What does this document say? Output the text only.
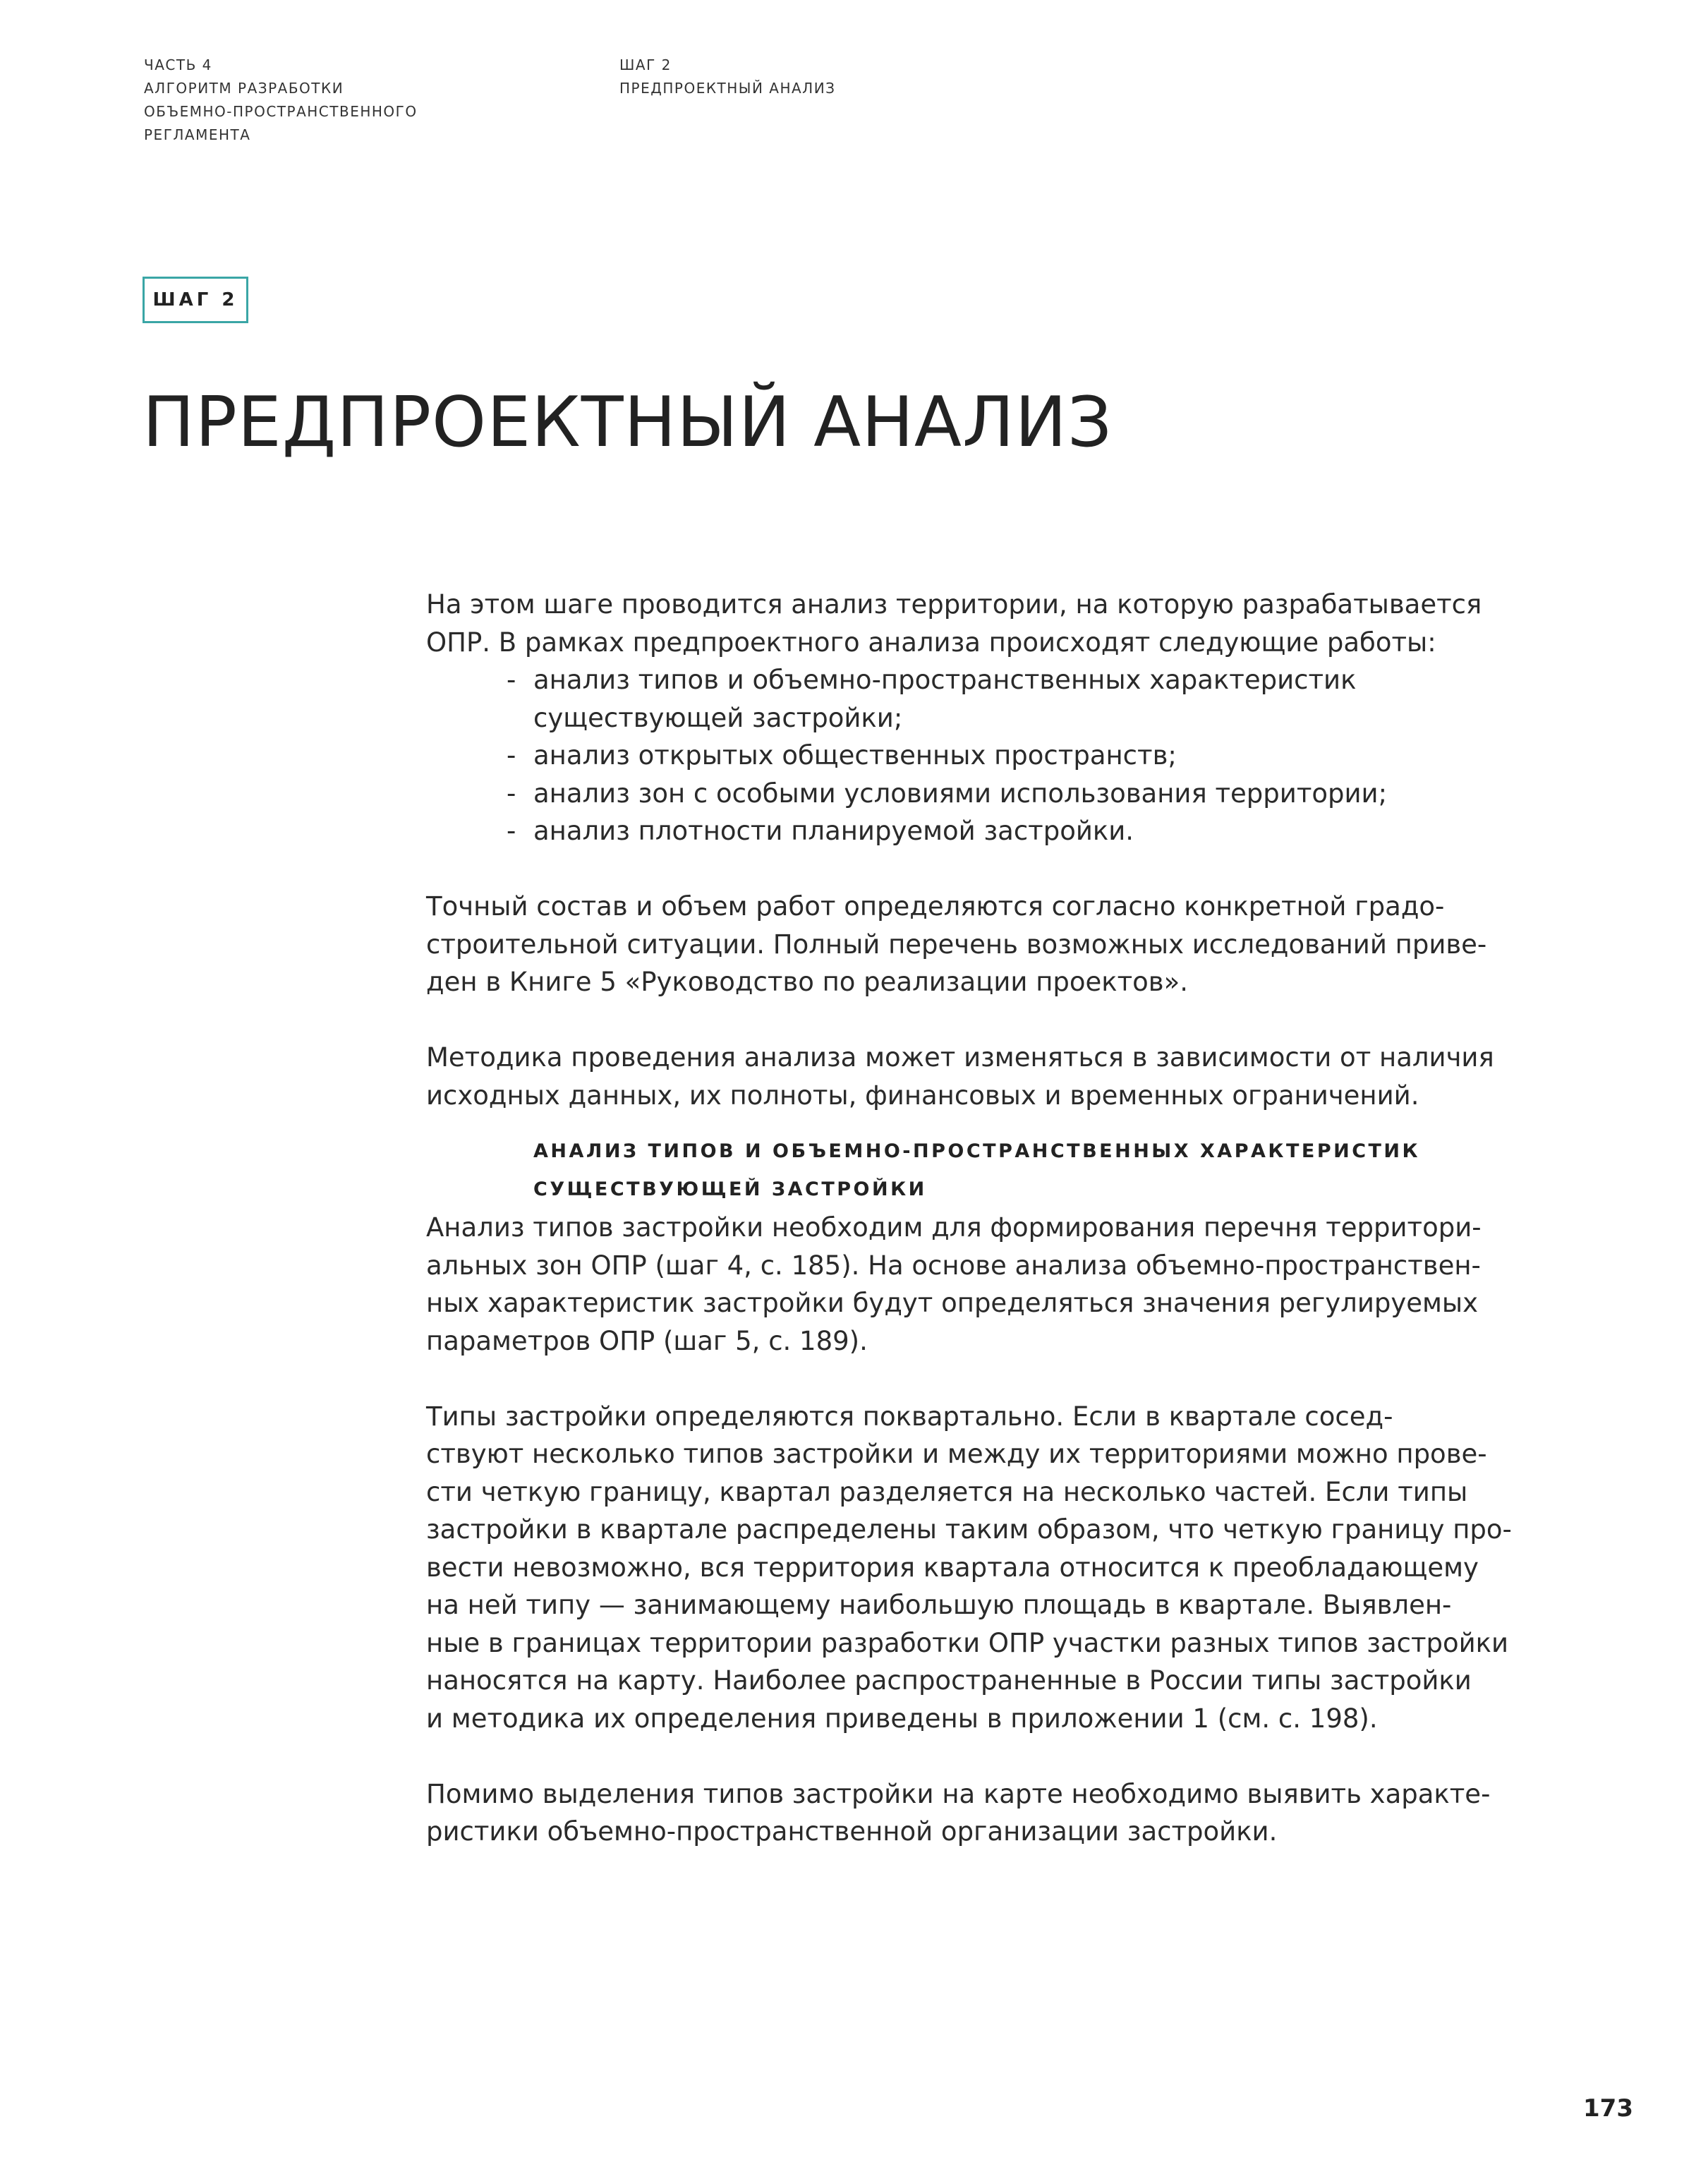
ЧАСТЬ 4
АЛГОРИТМ РАЗРАБОТКИ
ОБЪЕМНО-ПРОСТРАНСТВЕННОГО
РЕГЛАМЕНТА
ШАГ 2
ПРЕДПРОЕКТНЫЙ АНАЛИЗ
ШАГ 2
ПРЕДПРОЕКТНЫЙ АНАЛИЗ

На этом шаге проводится анализ территории, на которую разрабатывается
ОПР. В рамках предпроектного анализа происходят следующие работы:

- анализ типов и объемно-пространственных характеристик
существующей застройки;
- анализ открытых общественных пространств;
- анализ зон с особыми условиями использования территории;
- анализ плотности планируемой застройки.

Точный состав и объем работ определяются согласно конкретной градо-
строительной ситуации. Полный перечень возможных исследований приве-
ден в Книге 5 «Руководство по реализации проектов».

Методика проведения анализа может изменяться в зависимости от наличия
исходных данных, их полноты, финансовых и временных ограничений.

АНАЛИЗ ТИПОВ И ОБЪЕМНО-ПРОСТРАНСТВЕННЫХ ХАРАКТЕРИСТИК
СУЩЕСТВУЮЩЕЙ ЗАСТРОЙКИ

Анализ типов застройки необходим для формирования перечня территори-
альных зон ОПР (шаг 4, с. 185). На основе анализа объемно-пространствен-
ных характеристик застройки будут определяться значения регулируемых
параметров ОПР (шаг 5, с. 189).

Типы застройки определяются поквартально. Если в квартале сосед-
ствуют несколько типов застройки и между их территориями можно прове-
сти четкую границу, квартал разделяется на несколько частей. Если типы
застройки в квартале распределены таким образом, что четкую границу про-
вести невозможно, вся территория квартала относится к преобладающему
на ней типу — занимающему наибольшую площадь в квартале. Выявлен-
ные в границах территории разработки ОПР участки разных типов застройки
наносятся на карту. Наиболее распространенные в России типы застройки
и методика их определения приведены в приложении 1 (см. с. 198).

Помимо выделения типов застройки на карте необходимо выявить характе-
ристики объемно-пространственной организации застройки.

173
